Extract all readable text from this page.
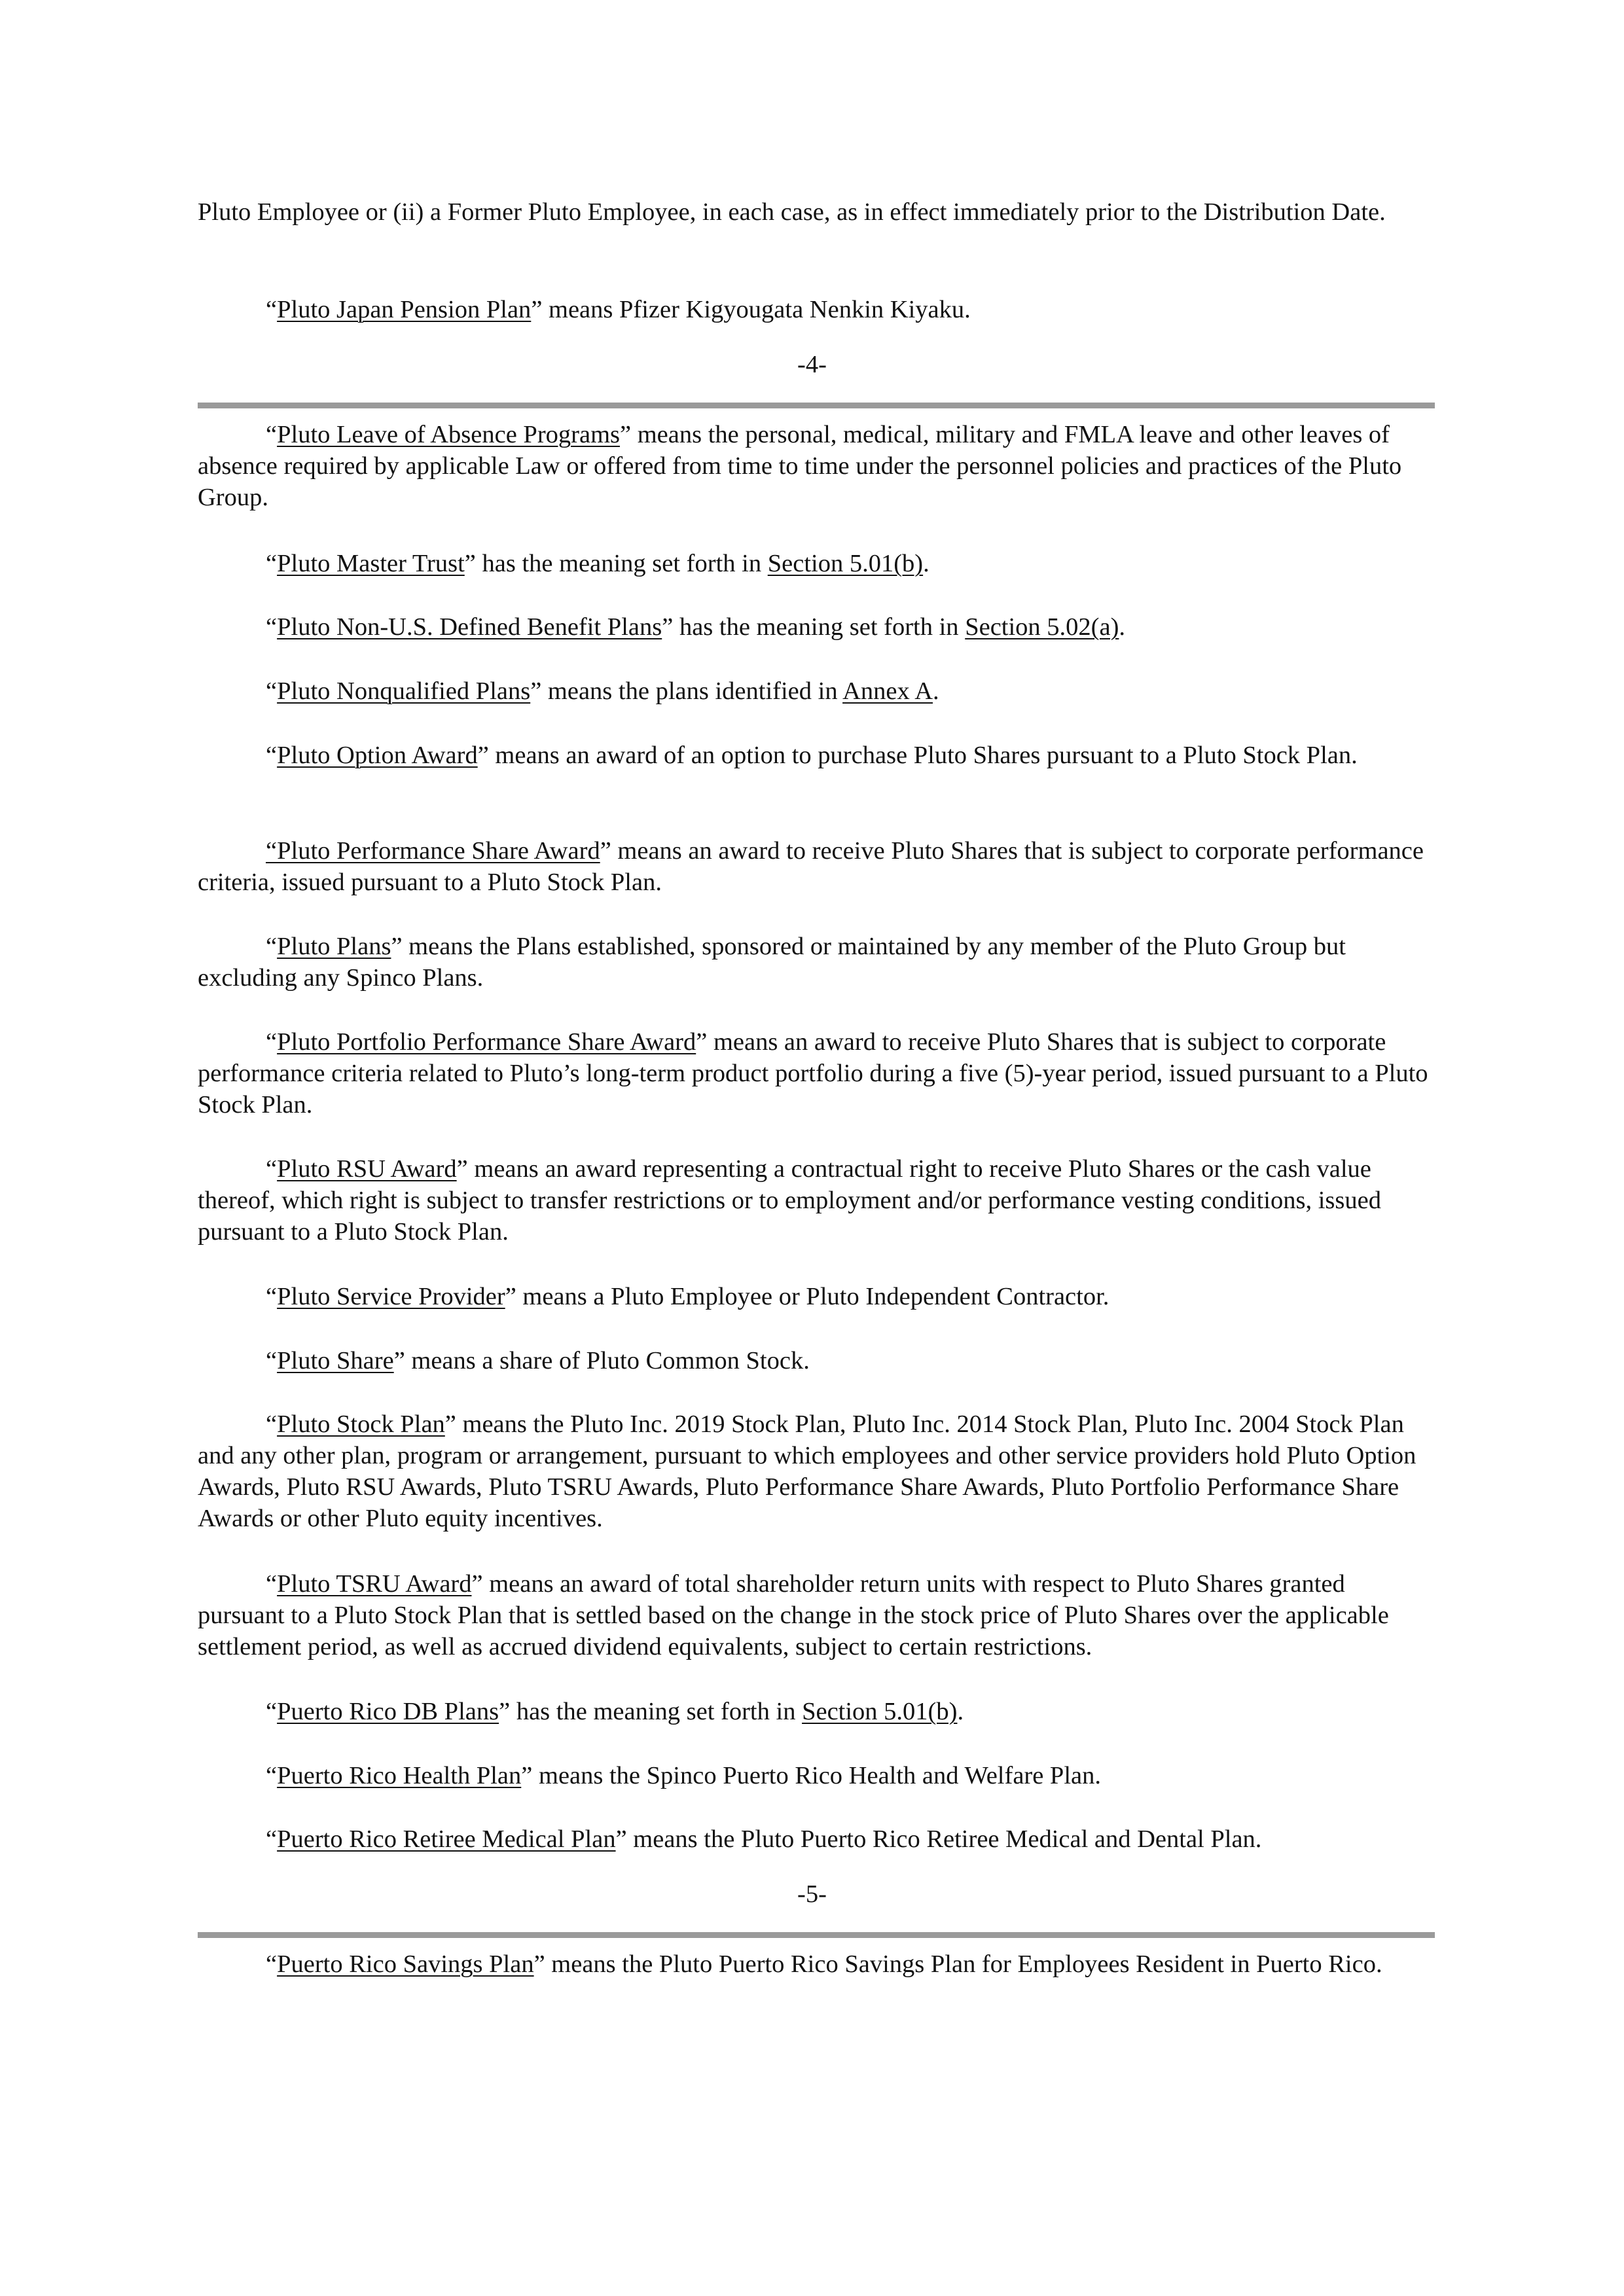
Pluto Employee or (ii) a Former Pluto Employee, in each case, as in effect immediately prior to the Distribution Date.

“Pluto Japan Pension Plan” means Pfizer Kigyougata Nenkin Kiyaku.

-4-

“Pluto Leave of Absence Programs” means the personal, medical, military and FMLA leave and other leaves of absence required by applicable Law or offered from time to time under the personnel policies and practices of the Pluto Group.

“Pluto Master Trust” has the meaning set forth in Section 5.01(b).

“Pluto Non-U.S. Defined Benefit Plans” has the meaning set forth in Section 5.02(a).

“Pluto Nonqualified Plans” means the plans identified in Annex A.

“Pluto Option Award” means an award of an option to purchase Pluto Shares pursuant to a Pluto Stock Plan.

“Pluto Performance Share Award” means an award to receive Pluto Shares that is subject to corporate performance criteria, issued pursuant to a Pluto Stock Plan.

“Pluto Plans” means the Plans established, sponsored or maintained by any member of the Pluto Group but excluding any Spinco Plans.

“Pluto Portfolio Performance Share Award” means an award to receive Pluto Shares that is subject to corporate performance criteria related to Pluto’s long-term product portfolio during a five (5)-year period, issued pursuant to a Pluto Stock Plan.

“Pluto RSU Award” means an award representing a contractual right to receive Pluto Shares or the cash value thereof, which right is subject to transfer restrictions or to employment and/or performance vesting conditions, issued pursuant to a Pluto Stock Plan.

“Pluto Service Provider” means a Pluto Employee or Pluto Independent Contractor.

“Pluto Share” means a share of Pluto Common Stock.

“Pluto Stock Plan” means the Pluto Inc. 2019 Stock Plan, Pluto Inc. 2014 Stock Plan, Pluto Inc. 2004 Stock Plan and any other plan, program or arrangement, pursuant to which employees and other service providers hold Pluto Option Awards, Pluto RSU Awards, Pluto TSRU Awards, Pluto Performance Share Awards, Pluto Portfolio Performance Share Awards or other Pluto equity incentives.

“Pluto TSRU Award” means an award of total shareholder return units with respect to Pluto Shares granted pursuant to a Pluto Stock Plan that is settled based on the change in the stock price of Pluto Shares over the applicable settlement period, as well as accrued dividend equivalents, subject to certain restrictions.

“Puerto Rico DB Plans” has the meaning set forth in Section 5.01(b).

“Puerto Rico Health Plan” means the Spinco Puerto Rico Health and Welfare Plan.

“Puerto Rico Retiree Medical Plan” means the Pluto Puerto Rico Retiree Medical and Dental Plan.

-5-

“Puerto Rico Savings Plan” means the Pluto Puerto Rico Savings Plan for Employees Resident in Puerto Rico.
